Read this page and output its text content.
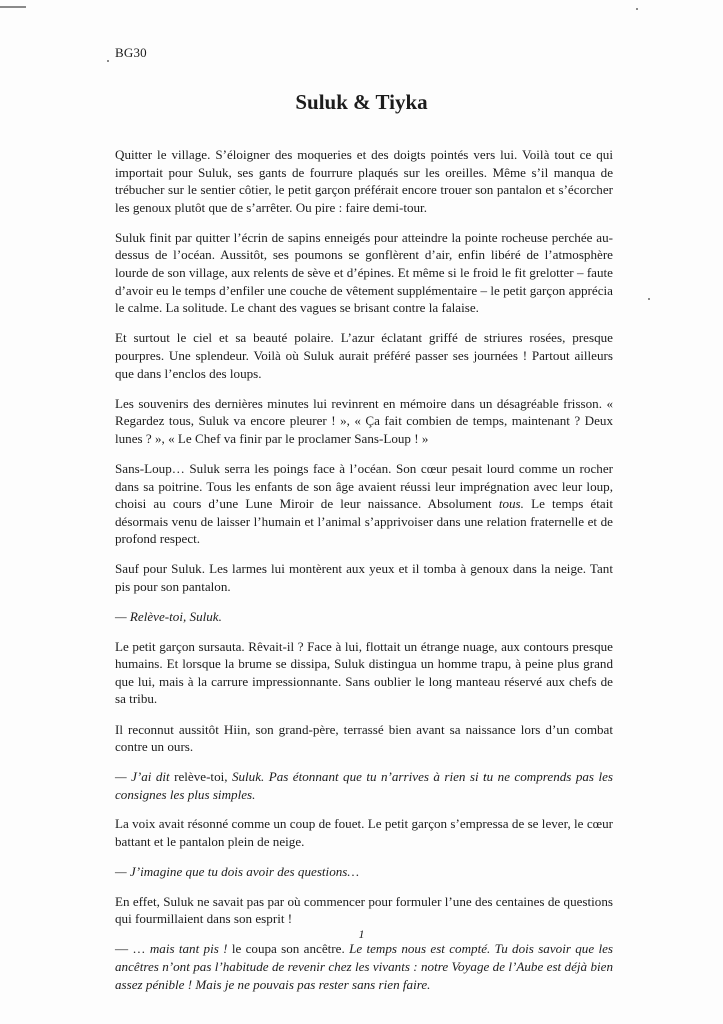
BG30
Suluk & Tiyka

Quitter le village. S’éloigner des moqueries et des doigts pointés vers lui. Voilà tout ce qui importait pour Suluk, ses gants de fourrure plaqués sur les oreilles. Même s’il manqua de trébucher sur le sentier côtier, le petit garçon préférait encore trouer son pantalon et s’écorcher les genoux plutôt que de s’arrêter. Ou pire : faire demi-tour.

Suluk finit par quitter l’écrin de sapins enneigés pour atteindre la pointe rocheuse perchée au-dessus de l’océan. Aussitôt, ses poumons se gonflèrent d’air, enfin libéré de l’atmosphère lourde de son village, aux relents de sève et d’épines. Et même si le froid le fit grelotter – faute d’avoir eu le temps d’enfiler une couche de vêtement supplémentaire – le petit garçon apprécia le calme. La solitude. Le chant des vagues se brisant contre la falaise.

Et surtout le ciel et sa beauté polaire. L’azur éclatant griffé de striures rosées, presque pourpres. Une splendeur. Voilà où Suluk aurait préféré passer ses journées ! Partout ailleurs que dans l’enclos des loups.

Les souvenirs des dernières minutes lui revinrent en mémoire dans un désagréable frisson. « Regardez tous, Suluk va encore pleurer ! », « Ça fait combien de temps, maintenant ? Deux lunes ? », « Le Chef va finir par le proclamer Sans-Loup ! »

Sans-Loup… Suluk serra les poings face à l’océan. Son cœur pesait lourd comme un rocher dans sa poitrine. Tous les enfants de son âge avaient réussi leur imprégnation avec leur loup, choisi au cours d’une Lune Miroir de leur naissance. Absolument tous. Le temps était désormais venu de laisser l’humain et l’animal s’apprivoiser dans une relation fraternelle et de profond respect.

Sauf pour Suluk. Les larmes lui montèrent aux yeux et il tomba à genoux dans la neige. Tant pis pour son pantalon.

— Relève-toi, Suluk.

Le petit garçon sursauta. Rêvait-il ? Face à lui, flottait un étrange nuage, aux contours presque humains. Et lorsque la brume se dissipa, Suluk distingua un homme trapu, à peine plus grand que lui, mais à la carrure impressionnante. Sans oublier le long manteau réservé aux chefs de sa tribu.

Il reconnut aussitôt Hiin, son grand-père, terrassé bien avant sa naissance lors d’un combat contre un ours.

— J’ai dit relève-toi, Suluk. Pas étonnant que tu n’arrives à rien si tu ne comprends pas les consignes les plus simples.

La voix avait résonné comme un coup de fouet. Le petit garçon s’empressa de se lever, le cœur battant et le pantalon plein de neige.

— J’imagine que tu dois avoir des questions…

En effet, Suluk ne savait pas par où commencer pour formuler l’une des centaines de questions qui fourmillaient dans son esprit !

— … mais tant pis ! le coupa son ancêtre. Le temps nous est compté. Tu dois savoir que les ancêtres n’ont pas l’habitude de revenir chez les vivants : notre Voyage de l’Aube est déjà bien assez pénible ! Mais je ne pouvais pas rester sans rien faire.

1
